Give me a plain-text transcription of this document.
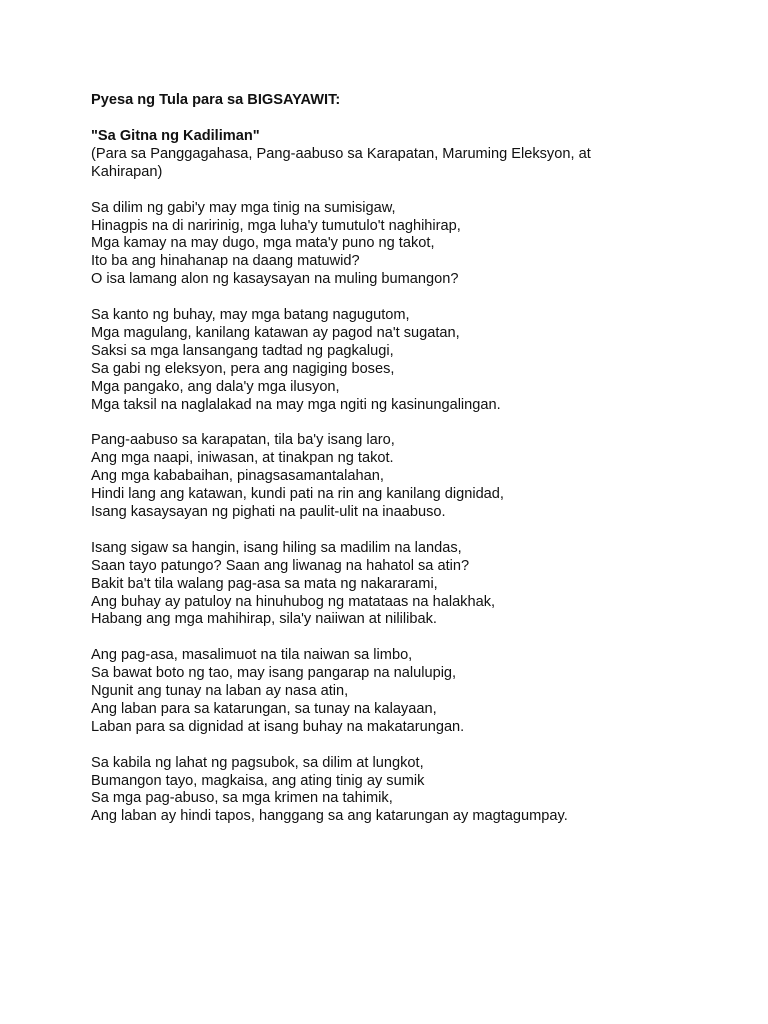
Pyesa ng Tula para sa BIGSAYAWIT:
"Sa Gitna ng Kadiliman"
(Para sa Panggagahasa, Pang-aabuso sa Karapatan, Maruming Eleksyon, at
Kahirapan)
Sa dilim ng gabi'y may mga tinig na sumisigaw,
Hinagpis na di naririnig, mga luha'y tumutulo't naghihirap,
Mga kamay na may dugo, mga mata'y puno ng takot,
Ito ba ang hinahanap na daang matuwid?
O isa lamang alon ng kasaysayan na muling bumangon?
Sa kanto ng buhay, may mga batang nagugutom,
Mga magulang, kanilang katawan ay pagod na't sugatan,
Saksi sa mga lansangang tadtad ng pagkalugi,
Sa gabi ng eleksyon, pera ang nagiging boses,
Mga pangako, ang dala'y mga ilusyon,
Mga taksil na naglalakad na may mga ngiti ng kasinungalingan.
Pang-aabuso sa karapatan, tila ba'y isang laro,
Ang mga naapi, iniwasan, at tinakpan ng takot.
Ang mga kababaihan, pinagsasamantalahan,
Hindi lang ang katawan, kundi pati na rin ang kanilang dignidad,
Isang kasaysayan ng pighati na paulit-ulit na inaabuso.
Isang sigaw sa hangin, isang hiling sa madilim na landas,
Saan tayo patungo? Saan ang liwanag na hahatol sa atin?
Bakit ba't tila walang pag-asa sa mata ng nakararami,
Ang buhay ay patuloy na hinuhubog ng matataas na halakhak,
Habang ang mga mahihirap, sila'y naiiwan at nililibak.
Ang pag-asa, masalimuot na tila naiwan sa limbo,
Sa bawat boto ng tao, may isang pangarap na nalulupig,
Ngunit ang tunay na laban ay nasa atin,
Ang laban para sa katarungan, sa tunay na kalayaan,
Laban para sa dignidad at isang buhay na makatarungan.
Sa kabila ng lahat ng pagsubok, sa dilim at lungkot,
Bumangon tayo, magkaisa, ang ating tinig ay sumik
Sa mga pag-abuso, sa mga krimen na tahimik,
Ang laban ay hindi tapos, hanggang sa ang katarungan ay magtagumpay.
